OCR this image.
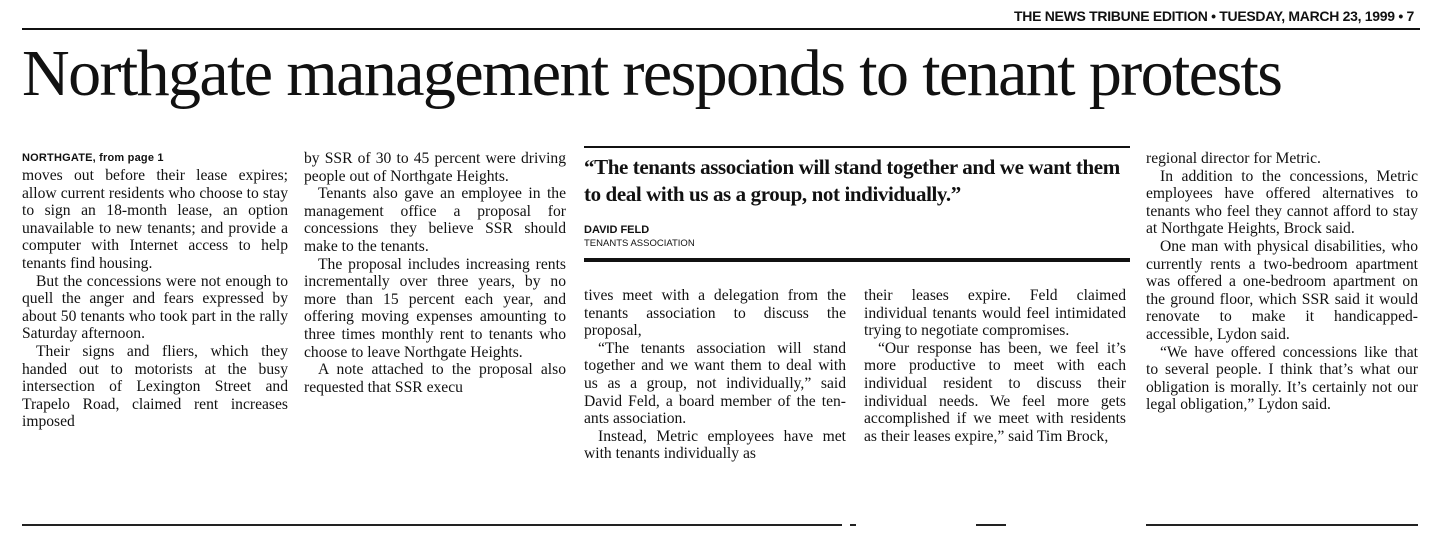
THE NEWS TRIBUNE EDITION • TUESDAY, MARCH 23, 1999 • 7
Northgate management responds to tenant protests
NORTHGATE, from page 1

moves out before their lease expires; allow current residents who choose to stay to sign an 18-month lease, an option unavailable to new tenants; and provide a computer with Internet access to help tenants find housing.

But the concessions were not enough to quell the anger and fears expressed by about 50 tenants who took part in the rally Saturday afternoon.

Their signs and fliers, which they handed out to motorists at the busy intersection of Lexington Street and Trapelo Road, claimed rent increases imposed

by SSR of 30 to 45 percent were driving people out of Northgate Heights.

Tenants also gave an employee in the management office a proposal for concessions they believe SSR should make to the tenants.

The proposal includes increasing rents incrementally over three years, by no more than 15 percent each year, and offering moving expenses amounting to three times monthly rent to tenants who choose to leave Northgate Heights.

A note attached to the proposal also requested that SSR execu

“The tenants association will stand together and we want them to deal with us as a group, not individually.”

DAVID FELD
TENANTS ASSOCIATION

tives meet with a delegation from the tenants association to discuss the proposal,

“The tenants association will stand together and we want them to deal with us as a group, not individually,” said David Feld, a board member of the tenants association.

Instead, Metric employees have met with tenants individually as

their leases expire. Feld claimed individual tenants would feel intimidated trying to negotiate compromises.

“Our response has been, we feel it’s more productive to meet with each individual resident to discuss their individual needs. We feel more gets accomplished if we meet with residents as their leases expire,” said Tim Brock,

regional director for Metric.

In addition to the concessions, Metric employees have offered alternatives to tenants who feel they cannot afford to stay at Northgate Heights, Brock said.

One man with physical disabilities, who currently rents a two-bedroom apartment was offered a one-bedroom apartment on the ground floor, which SSR said it would renovate to make it handicapped-accessible, Lydon said.

“We have offered concessions like that to several people. I think that’s what our obligation is morally. It’s certainly not our legal obligation,” Lydon said.
